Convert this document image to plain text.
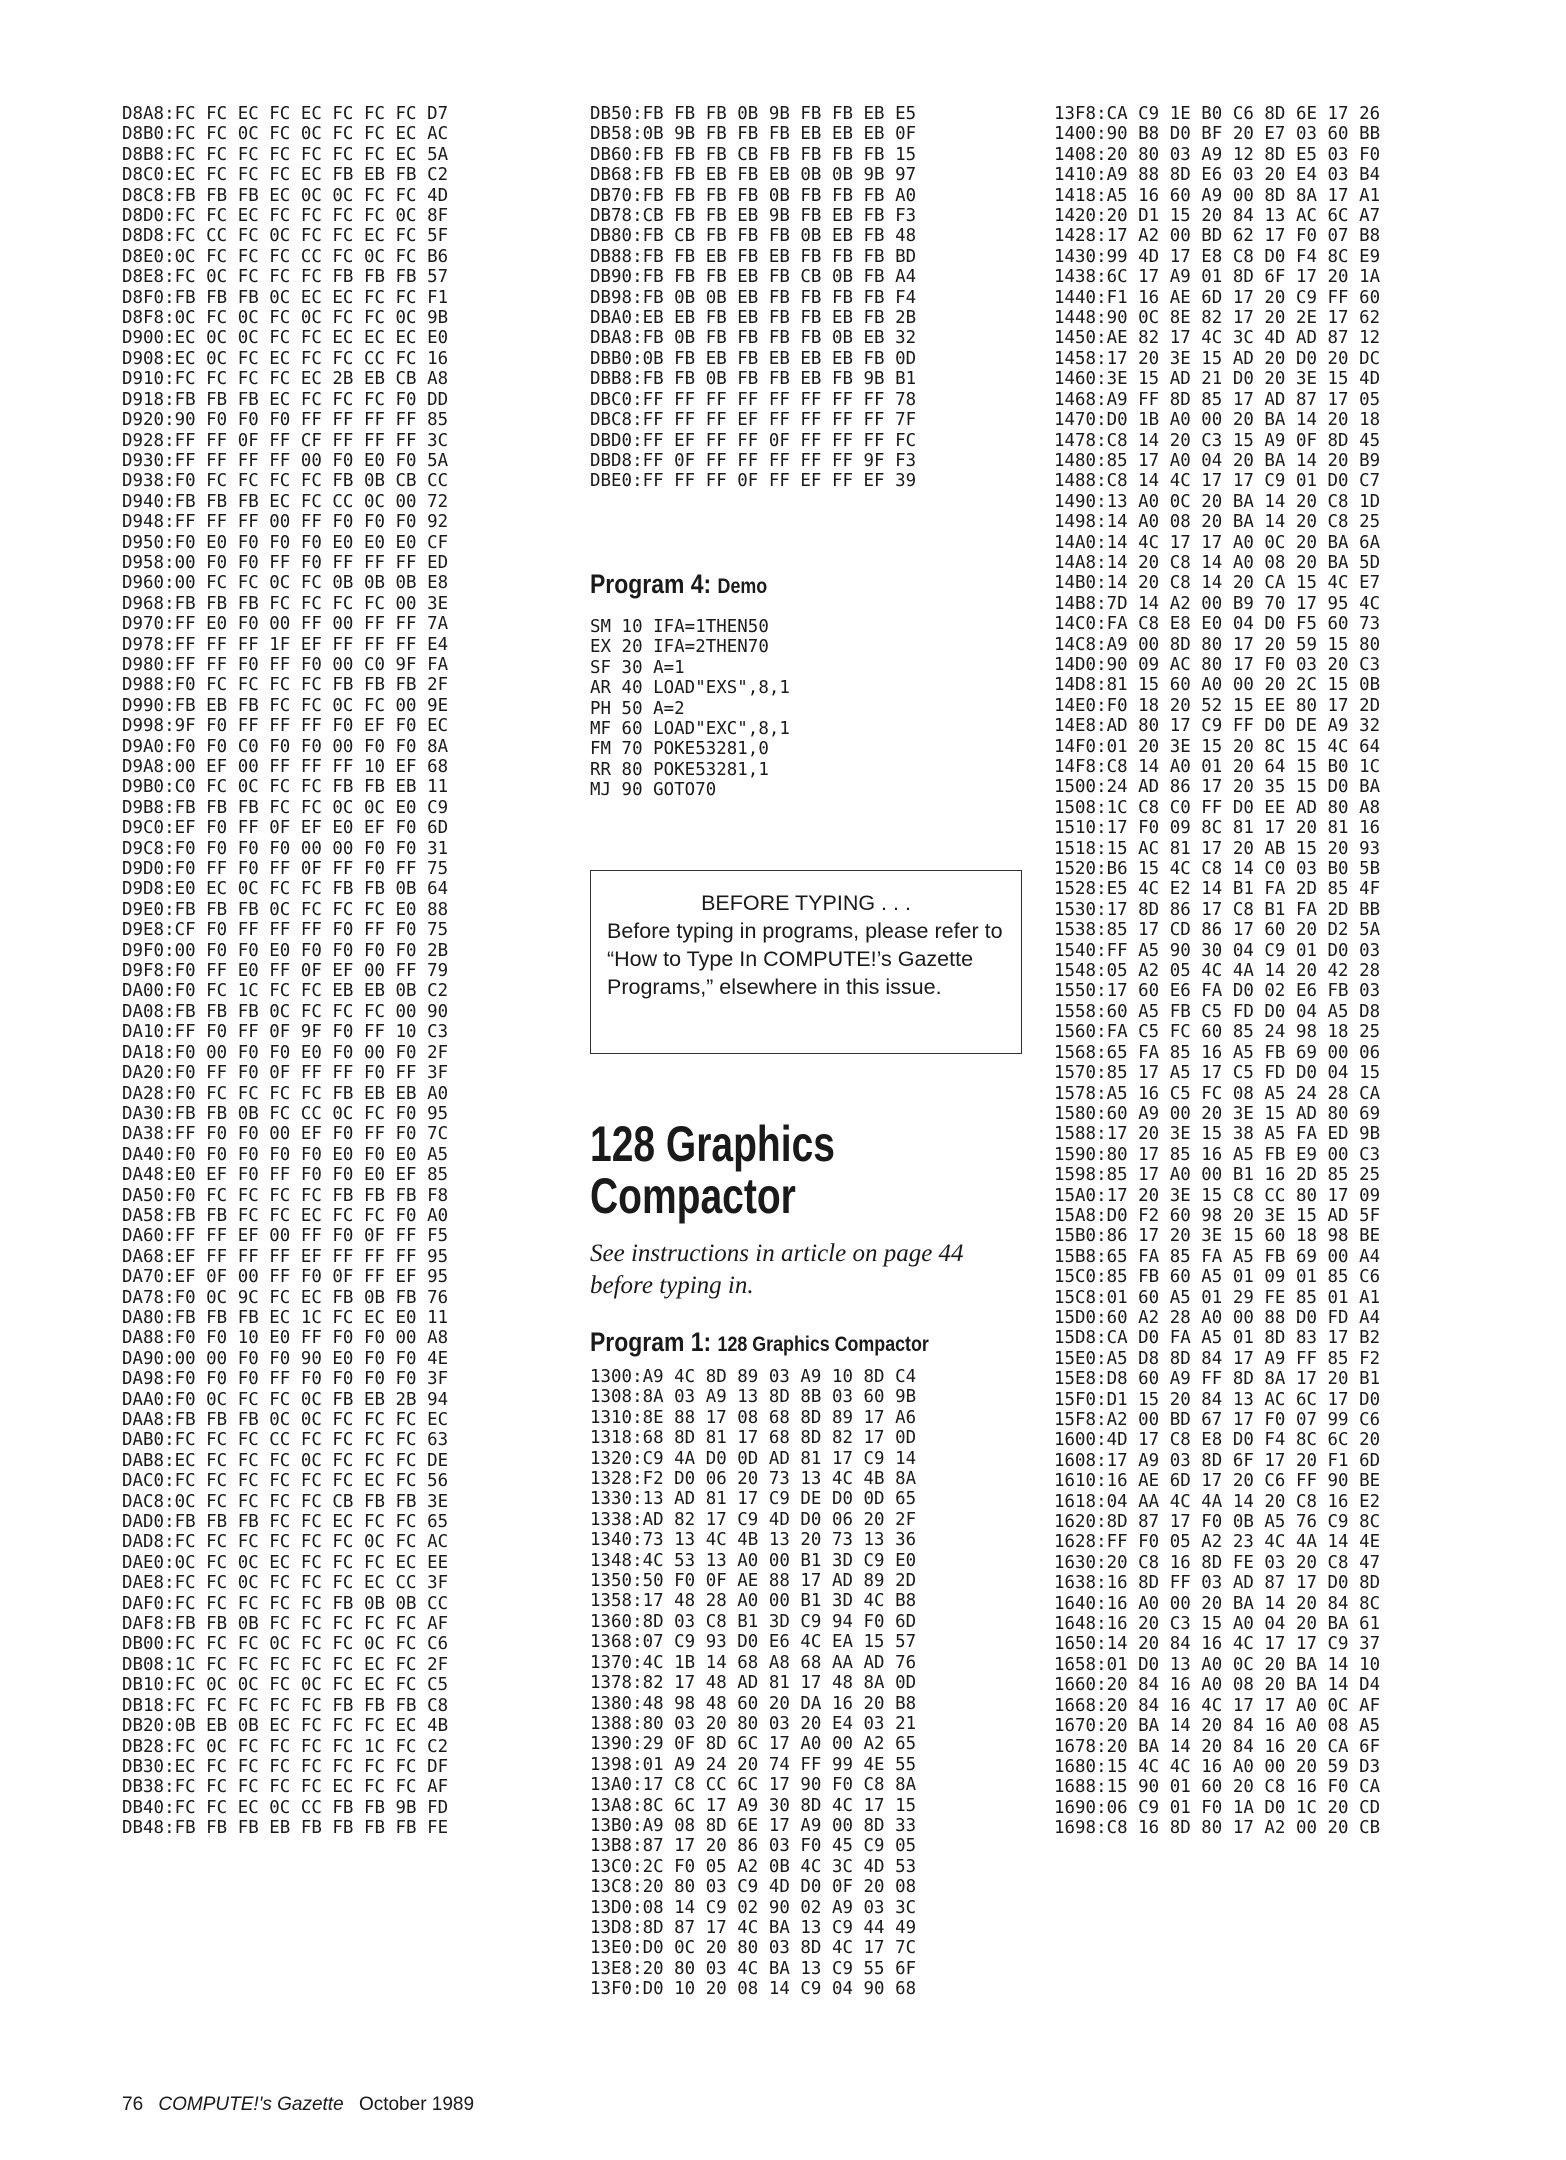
D8A8:FC FC EC FC EC FC FC FC D7
D8B0:FC FC 0C FC 0C FC FC EC AC
D8B8:FC FC FC FC FC FC FC EC 5A
D8C0:EC FC FC FC EC FB EB FB C2
D8C8:FB FB FB EC 0C 0C FC FC 4D
D8D0:FC FC EC FC FC FC FC 0C 8F
D8D8:FC CC FC 0C FC FC EC FC 5F
D8E0:0C FC FC FC CC FC 0C FC B6
D8E8:FC 0C FC FC FC FB FB FB 57
D8F0:FB FB FB 0C EC EC FC FC F1
D8F8:0C FC 0C FC 0C FC FC 0C 9B
D900:EC 0C 0C FC FC EC EC EC E0
D908:EC 0C FC EC FC FC CC FC 16
D910:FC FC FC FC EC 2B EB CB A8
D918:FB FB FB EC FC FC FC F0 DD
D920:90 F0 F0 F0 FF FF FF FF 85
D928:FF FF 0F FF CF FF FF FF 3C
D930:FF FF FF FF 00 F0 E0 F0 5A
D938:F0 FC FC FC FC FB 0B CB CC
D940:FB FB FB EC FC CC 0C 00 72
D948:FF FF FF 00 FF F0 F0 F0 92
D950:F0 E0 F0 F0 F0 E0 E0 E0 CF
D958:00 F0 F0 FF F0 FF FF FF ED
D960:00 FC FC 0C FC 0B 0B 0B E8
D968:FB FB FB FC FC FC FC 00 3E
D970:FF E0 F0 00 FF 00 FF FF 7A
D978:FF FF FF 1F EF FF FF FF E4
D980:FF FF F0 FF F0 00 C0 9F FA
D988:F0 FC FC FC FC FB FB FB 2F
D990:FB EB FB FC FC 0C FC 00 9E
D998:9F F0 FF FF FF F0 EF F0 EC
D9A0:F0 F0 C0 F0 F0 00 F0 F0 8A
D9A8:00 EF 00 FF FF FF 10 EF 68
D9B0:C0 FC 0C FC FC FB FB EB 11
D9B8:FB FB FB FC FC 0C 0C E0 C9
D9C0:EF F0 FF 0F EF E0 EF F0 6D
D9C8:F0 F0 F0 F0 00 00 F0 F0 31
D9D0:F0 FF F0 FF 0F FF F0 FF 75
D9D8:E0 EC 0C FC FC FB FB 0B 64
D9E0:FB FB FB 0C FC FC FC E0 88
D9E8:CF F0 FF FF FF F0 FF F0 75
D9F0:00 F0 F0 E0 F0 F0 F0 F0 2B
D9F8:F0 FF E0 FF 0F EF 00 FF 79
DA00:F0 FC 1C FC FC EB EB 0B C2
DA08:FB FB FB 0C FC FC FC 00 90
DA10:FF F0 FF 0F 9F F0 FF 10 C3
DA18:F0 00 F0 F0 E0 F0 00 F0 2F
DA20:F0 FF F0 0F FF FF F0 FF 3F
DA28:F0 FC FC FC FC FB EB EB A0
DA30:FB FB 0B FC CC 0C FC F0 95
DA38:FF F0 F0 00 EF F0 FF F0 7C
DA40:F0 F0 F0 F0 F0 E0 F0 E0 A5
DA48:E0 EF F0 FF F0 F0 E0 EF 85
DA50:F0 FC FC FC FC FB FB FB F8
DA58:FB FB FC FC EC FC FC F0 A0
DA60:FF FF EF 00 FF F0 0F FF F5
DA68:EF FF FF FF EF FF FF FF 95
DA70:EF 0F 00 FF F0 0F FF EF 95
DA78:F0 0C 9C FC EC FB 0B FB 76
DA80:FB FB FB EC 1C FC EC E0 11
DA88:F0 F0 10 E0 FF F0 F0 00 A8
DA90:00 00 F0 F0 90 E0 F0 F0 4E
DA98:F0 F0 F0 FF F0 F0 F0 F0 3F
DAA0:F0 0C FC FC 0C FB EB 2B 94
DAA8:FB FB FB 0C 0C FC FC FC EC
DAB0:FC FC FC CC FC FC FC FC 63
DAB8:EC FC FC FC 0C FC FC FC DE
DAC0:FC FC FC FC FC FC EC FC 56
DAC8:0C FC FC FC FC CB FB FB 3E
DAD0:FB FB FB FC FC EC FC FC 65
DAD8:FC FC FC FC FC FC 0C FC AC
DAE0:0C FC 0C EC FC FC FC EC EE
DAE8:FC FC 0C FC FC FC EC CC 3F
DAF0:FC FC FC FC FC FB 0B 0B CC
DAF8:FB FB 0B FC FC FC FC FC AF
DB00:FC FC FC 0C FC FC 0C FC C6
DB08:1C FC FC FC FC FC EC FC 2F
DB10:FC 0C 0C FC 0C FC EC FC C5
DB18:FC FC FC FC FC FB FB FB C8
DB20:0B EB 0B EC FC FC FC EC 4B
DB28:FC 0C FC FC FC FC 1C FC C2
DB30:EC FC FC FC FC FC FC FC DF
DB38:FC FC FC FC FC EC FC FC AF
DB40:FC FC EC 0C CC FB FB 9B FD
DB48:FB FB FB EB FB FB FB FB FE
DB50:FB FB FB 0B 9B FB FB EB E5
DB58:0B 9B FB FB FB EB EB EB 0F
DB60:FB FB FB CB FB FB FB FB 15
DB68:FB FB EB FB EB 0B 0B 9B 97
DB70:FB FB FB FB 0B FB FB FB A0
DB78:CB FB FB EB 9B FB EB FB F3
DB80:FB CB FB FB FB 0B EB FB 48
DB88:FB FB EB FB EB FB FB FB BD
DB90:FB FB FB EB FB CB 0B FB A4
DB98:FB 0B 0B EB FB FB FB FB F4
DBA0:EB EB FB EB FB FB EB FB 2B
DBA8:FB 0B FB FB FB FB 0B EB 32
DBB0:0B FB EB FB EB EB EB FB 0D
DBB8:FB FB 0B FB FB EB FB 9B B1
DBC0:FF FF FF FF FF FF FF FF 78
DBC8:FF FF FF EF FF FF FF FF 7F
DBD0:FF EF FF FF 0F FF FF FF FC
DBD8:FF 0F FF FF FF FF FF 9F F3
DBE0:FF FF FF 0F FF EF FF EF 39
Program 4: Demo
SM 10 IFA=1THEN50
EX 20 IFA=2THEN70
SF 30 A=1
AR 40 LOAD"EXS",8,1
PH 50 A=2
MF 60 LOAD"EXC",8,1
FM 70 POKE53281,0
RR 80 POKE53281,1
MJ 90 GOTO70

BEFORE TYPING . . .

Before typing in programs, please refer to “How to Type In COMPUTE!’s Gazette Programs,” elsewhere in this issue.

128 Graphics
Compactor
See instructions in article on page 44 before typing in.
Program 1: 128 Graphics Compactor
1300:A9 4C 8D 89 03 A9 10 8D C4
1308:8A 03 A9 13 8D 8B 03 60 9B
1310:8E 88 17 08 68 8D 89 17 A6
1318:68 8D 81 17 68 8D 82 17 0D
1320:C9 4A D0 0D AD 81 17 C9 14
1328:F2 D0 06 20 73 13 4C 4B 8A
1330:13 AD 81 17 C9 DE D0 0D 65
1338:AD 82 17 C9 4D D0 06 20 2F
1340:73 13 4C 4B 13 20 73 13 36
1348:4C 53 13 A0 00 B1 3D C9 E0
1350:50 F0 0F AE 88 17 AD 89 2D
1358:17 48 28 A0 00 B1 3D 4C B8
1360:8D 03 C8 B1 3D C9 94 F0 6D
1368:07 C9 93 D0 E6 4C EA 15 57
1370:4C 1B 14 68 A8 68 AA AD 76
1378:82 17 48 AD 81 17 48 8A 0D
1380:48 98 48 60 20 DA 16 20 B8
1388:80 03 20 80 03 20 E4 03 21
1390:29 0F 8D 6C 17 A0 00 A2 65
1398:01 A9 24 20 74 FF 99 4E 55
13A0:17 C8 CC 6C 17 90 F0 C8 8A
13A8:8C 6C 17 A9 30 8D 4C 17 15
13B0:A9 08 8D 6E 17 A9 00 8D 33
13B8:87 17 20 86 03 F0 45 C9 05
13C0:2C F0 05 A2 0B 4C 3C 4D 53
13C8:20 80 03 C9 4D D0 0F 20 08
13D0:08 14 C9 02 90 02 A9 03 3C
13D8:8D 87 17 4C BA 13 C9 44 49
13E0:D0 0C 20 80 03 8D 4C 17 7C
13E8:20 80 03 4C BA 13 C9 55 6F
13F0:D0 10 20 08 14 C9 04 90 68
13F8:CA C9 1E B0 C6 8D 6E 17 26
1400:90 B8 D0 BF 20 E7 03 60 BB
1408:20 80 03 A9 12 8D E5 03 F0
1410:A9 88 8D E6 03 20 E4 03 B4
1418:A5 16 60 A9 00 8D 8A 17 A1
1420:20 D1 15 20 84 13 AC 6C A7
1428:17 A2 00 BD 62 17 F0 07 B8
1430:99 4D 17 E8 C8 D0 F4 8C E9
1438:6C 17 A9 01 8D 6F 17 20 1A
1440:F1 16 AE 6D 17 20 C9 FF 60
1448:90 0C 8E 82 17 20 2E 17 62
1450:AE 82 17 4C 3C 4D AD 87 12
1458:17 20 3E 15 AD 20 D0 20 DC
1460:3E 15 AD 21 D0 20 3E 15 4D
1468:A9 FF 8D 85 17 AD 87 17 05
1470:D0 1B A0 00 20 BA 14 20 18
1478:C8 14 20 C3 15 A9 0F 8D 45
1480:85 17 A0 04 20 BA 14 20 B9
1488:C8 14 4C 17 17 C9 01 D0 C7
1490:13 A0 0C 20 BA 14 20 C8 1D
1498:14 A0 08 20 BA 14 20 C8 25
14A0:14 4C 17 17 A0 0C 20 BA 6A
14A8:14 20 C8 14 A0 08 20 BA 5D
14B0:14 20 C8 14 20 CA 15 4C E7
14B8:7D 14 A2 00 B9 70 17 95 4C
14C0:FA C8 E8 E0 04 D0 F5 60 73
14C8:A9 00 8D 80 17 20 59 15 80
14D0:90 09 AC 80 17 F0 03 20 C3
14D8:81 15 60 A0 00 20 2C 15 0B
14E0:F0 18 20 52 15 EE 80 17 2D
14E8:AD 80 17 C9 FF D0 DE A9 32
14F0:01 20 3E 15 20 8C 15 4C 64
14F8:C8 14 A0 01 20 64 15 B0 1C
1500:24 AD 86 17 20 35 15 D0 BA
1508:1C C8 C0 FF D0 EE AD 80 A8
1510:17 F0 09 8C 81 17 20 81 16
1518:15 AC 81 17 20 AB 15 20 93
1520:B6 15 4C C8 14 C0 03 B0 5B
1528:E5 4C E2 14 B1 FA 2D 85 4F
1530:17 8D 86 17 C8 B1 FA 2D BB
1538:85 17 CD 86 17 60 20 D2 5A
1540:FF A5 90 30 04 C9 01 D0 03
1548:05 A2 05 4C 4A 14 20 42 28
1550:17 60 E6 FA D0 02 E6 FB 03
1558:60 A5 FB C5 FD D0 04 A5 D8
1560:FA C5 FC 60 85 24 98 18 25
1568:65 FA 85 16 A5 FB 69 00 06
1570:85 17 A5 17 C5 FD D0 04 15
1578:A5 16 C5 FC 08 A5 24 28 CA
1580:60 A9 00 20 3E 15 AD 80 69
1588:17 20 3E 15 38 A5 FA ED 9B
1590:80 17 85 16 A5 FB E9 00 C3
1598:85 17 A0 00 B1 16 2D 85 25
15A0:17 20 3E 15 C8 CC 80 17 09
15A8:D0 F2 60 98 20 3E 15 AD 5F
15B0:86 17 20 3E 15 60 18 98 BE
15B8:65 FA 85 FA A5 FB 69 00 A4
15C0:85 FB 60 A5 01 09 01 85 C6
15C8:01 60 A5 01 29 FE 85 01 A1
15D0:60 A2 28 A0 00 88 D0 FD A4
15D8:CA D0 FA A5 01 8D 83 17 B2
15E0:A5 D8 8D 84 17 A9 FF 85 F2
15E8:D8 60 A9 FF 8D 8A 17 20 B1
15F0:D1 15 20 84 13 AC 6C 17 D0
15F8:A2 00 BD 67 17 F0 07 99 C6
1600:4D 17 C8 E8 D0 F4 8C 6C 20
1608:17 A9 03 8D 6F 17 20 F1 6D
1610:16 AE 6D 17 20 C6 FF 90 BE
1618:04 AA 4C 4A 14 20 C8 16 E2
1620:8D 87 17 F0 0B A5 76 C9 8C
1628:FF F0 05 A2 23 4C 4A 14 4E
1630:20 C8 16 8D FE 03 20 C8 47
1638:16 8D FF 03 AD 87 17 D0 8D
1640:16 A0 00 20 BA 14 20 84 8C
1648:16 20 C3 15 A0 04 20 BA 61
1650:14 20 84 16 4C 17 17 C9 37
1658:01 D0 13 A0 0C 20 BA 14 10
1660:20 84 16 A0 08 20 BA 14 D4
1668:20 84 16 4C 17 17 A0 0C AF
1670:20 BA 14 20 84 16 A0 08 A5
1678:20 BA 14 20 84 16 20 CA 6F
1680:15 4C 4C 16 A0 00 20 59 D3
1688:15 90 01 60 20 C8 16 F0 CA
1690:06 C9 01 F0 1A D0 1C 20 CD
1698:C8 16 8D 80 17 A2 00 20 CB
76 COMPUTE!'s Gazette October 1989
